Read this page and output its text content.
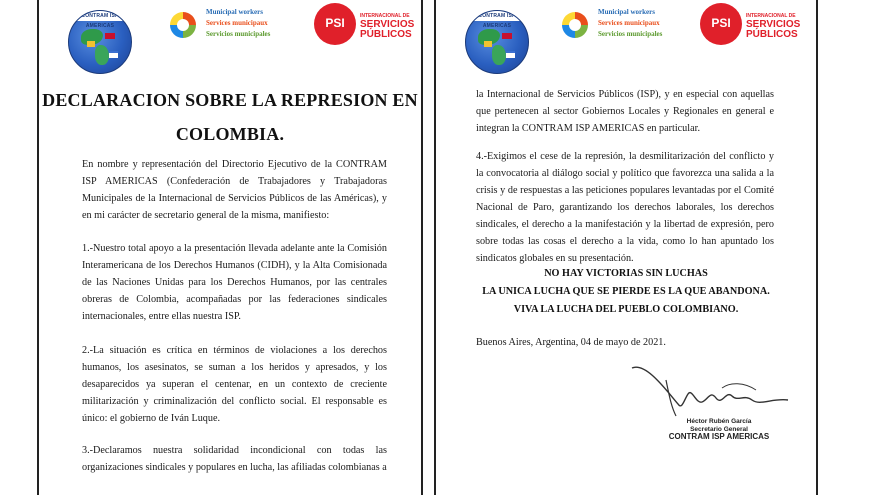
CONTRAM ISP AMERICAS
Municipal workers
Services municipaux
Servicios municipales
PSI	INTERNACIONAL DE
SERVICIOS PÚBLICOS
DECLARACION SOBRE LA REPRESION EN
COLOMBIA.
En nombre y representación del Directorio Ejecutivo de la CONTRAM ISP AMERICAS (Confederación de Trabajadores y Trabajadoras Municipales de la Internacional de Servicios Públicos de las Américas), y en mi carácter de secretario general de la misma, manifiesto:
1.-Nuestro total apoyo a la presentación llevada adelante ante la Comisión Interamericana de los Derechos Humanos (CIDH), y la Alta Comisionada de las Naciones Unidas para los Derechos Humanos, por las centrales obreras de Colombia, acompañadas por las federaciones sindicales internacionales, entre ellas nuestra ISP.
2.-La situación es crítica en términos de violaciones a los derechos humanos, los asesinatos, se suman a los heridos y apresados, y los desaparecidos ya superan el centenar, en un contexto de creciente militarización y criminalización del conflicto social. El responsable es único: el gobierno de Iván Luque.
3.-Declaramos nuestra solidaridad incondicional con todas las organizaciones sindicales y populares en lucha, las afiliadas colombianas a
CONTRAM ISP AMERICAS
Municipal workers
Services municipaux
Servicios municipales
PSI	INTERNACIONAL DE
SERVICIOS PÚBLICOS
la Internacional de Servicios Públicos (ISP), y en especial con aquellas que pertenecen al sector Gobiernos Locales y Regionales en general e integran la CONTRAM ISP AMERICAS en particular.
4.-Exigimos el cese de la represión, la desmilitarización del conflicto y la convocatoria al diálogo social y político que favorezca una salida a la crisis y de respuestas a las peticiones populares levantadas por el Comité Nacional de Paro, garantizando los derechos laborales, los derechos sindicales, el derecho a la manifestación y la libertad de expresión, pero sobre todas las cosas el derecho a la vida, como lo han apuntado los sindicatos globales en su presentación.
NO HAY VICTORIAS SIN LUCHAS
LA UNICA LUCHA QUE SE PIERDE ES LA QUE ABANDONA.
VIVA LA LUCHA DEL PUEBLO COLOMBIANO.
Buenos Aires, Argentina, 04 de mayo de 2021.
Héctor Rubén García
Secretario General
CONTRAM ISP AMERICAS
